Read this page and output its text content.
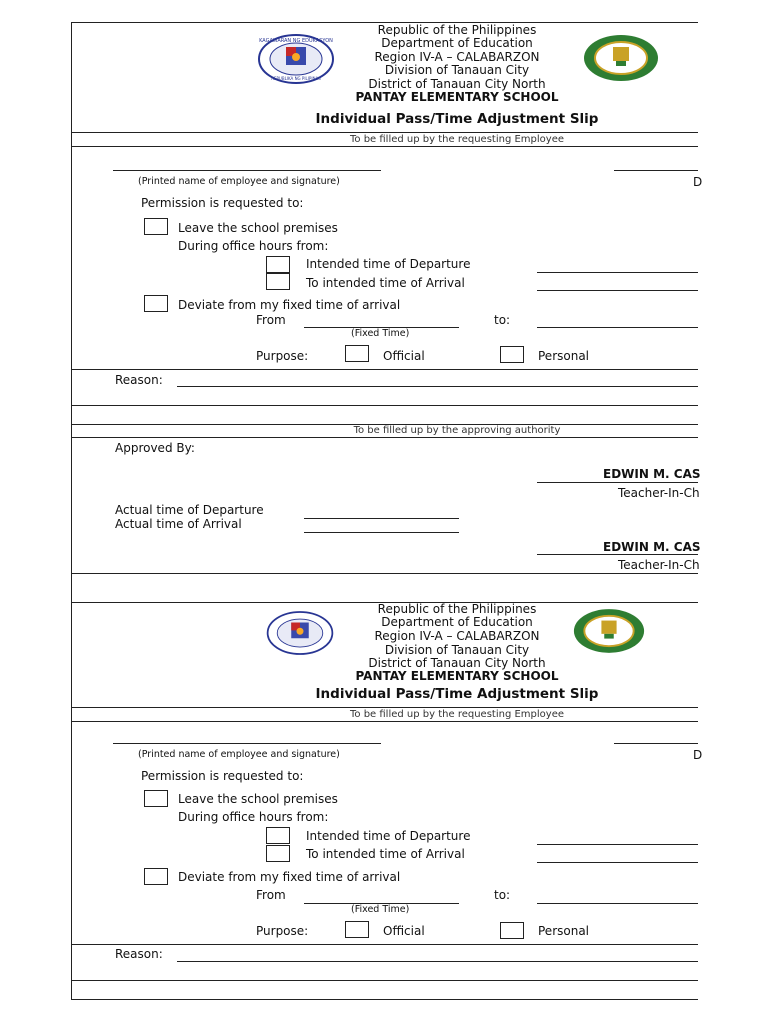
KAGAWARAN NG EDUKASYON
REPUBLIKA NG PILIPINAS
Republic of the Philippines
Department of Education
Region IV-A – CALABARZON
Division of Tanauan City
District of Tanauan City North
PANTAY ELEMENTARY SCHOOL
Individual Pass/Time Adjustment Slip
To be filled up by the requesting Employee
(Printed name of employee and signature)	D
Permission is requested to:
Leave the school premises
During office hours from:
Intended time of Departure
To intended time of Arrival
Deviate from my fixed time of arrival
From	to:
(Fixed Time)
Purpose:	Official	Personal
Reason:
To be filled up by the approving authority
Approved By:
EDWIN M. CAS
Teacher-In-Ch
Actual time of Departure
Actual time of Arrival
EDWIN M. CAS
Teacher-In-Ch
Republic of the Philippines
Department of Education
Region IV-A – CALABARZON
Division of Tanauan City
District of Tanauan City North
PANTAY ELEMENTARY SCHOOL
Individual Pass/Time Adjustment Slip
To be filled up by the requesting Employee
(Printed name of employee and signature)	D
Permission is requested to:
Leave the school premises
During office hours from:
Intended time of Departure
To intended time of Arrival
Deviate from my fixed time of arrival
From	to:
(Fixed Time)
Purpose:	Official	Personal
Reason:
